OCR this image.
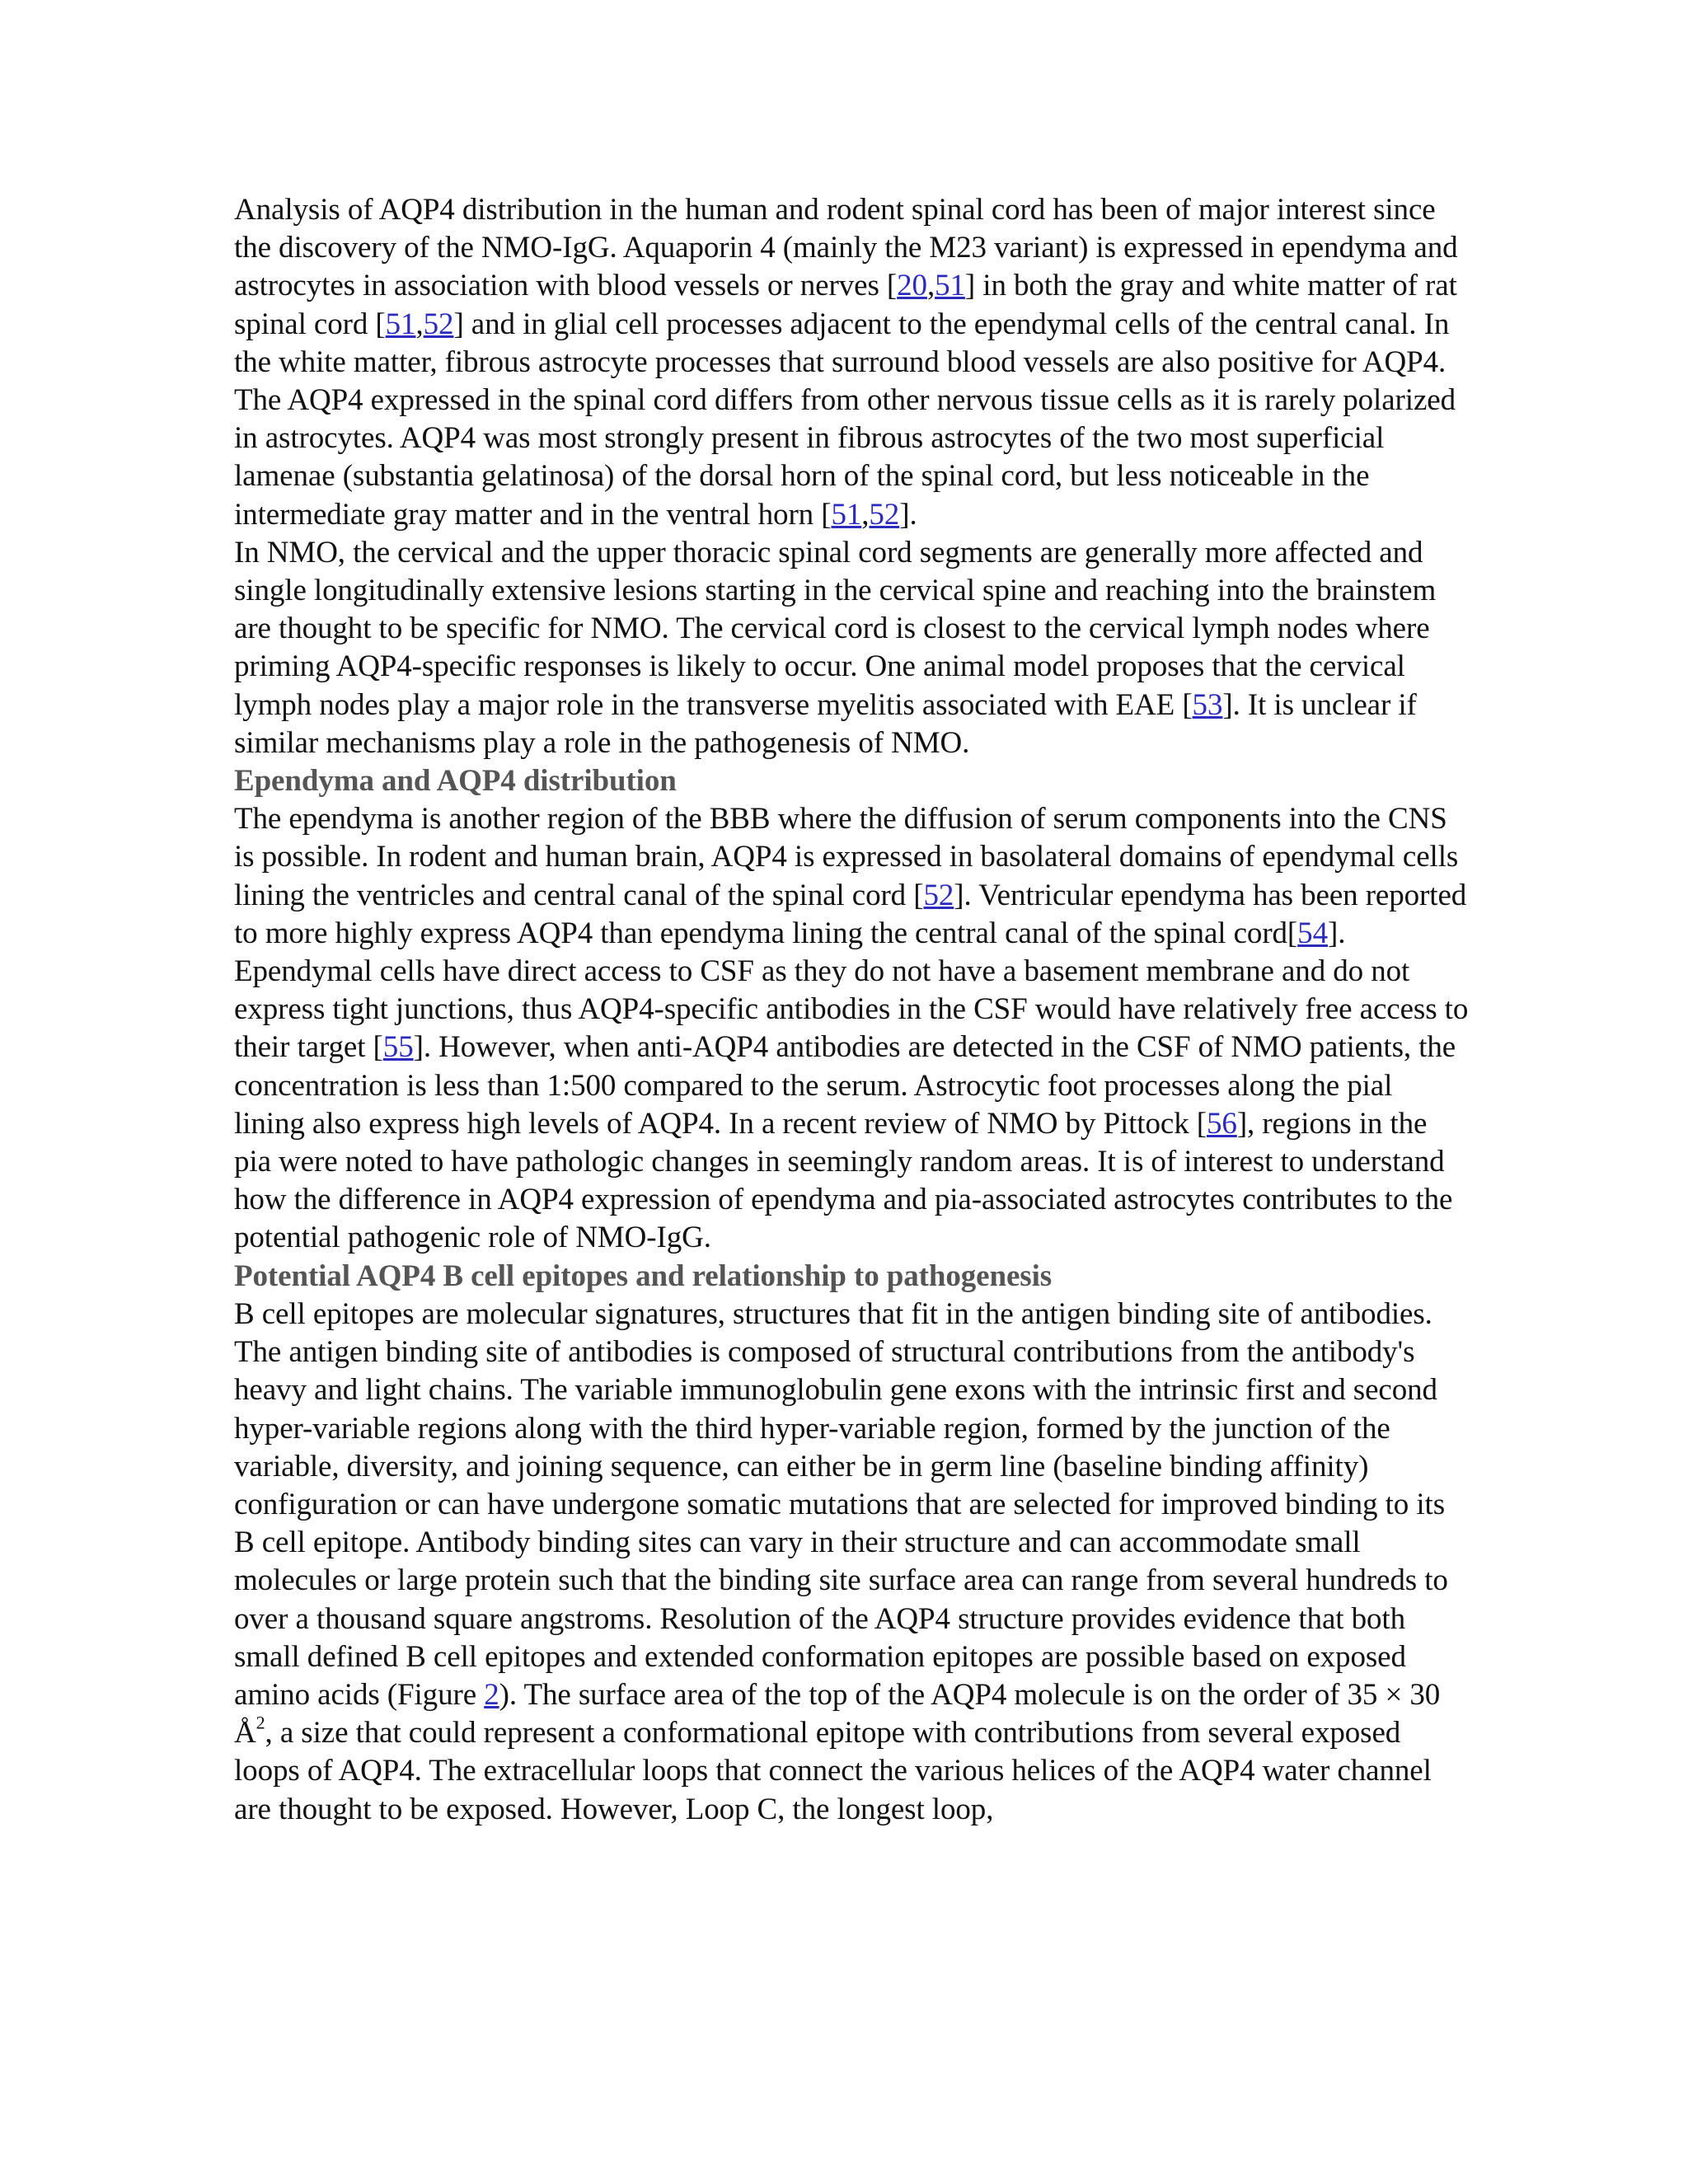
Analysis of AQP4 distribution in the human and rodent spinal cord has been of major interest since the discovery of the NMO-IgG. Aquaporin 4 (mainly the M23 variant) is expressed in ependyma and astrocytes in association with blood vessels or nerves [20,51] in both the gray and white matter of rat spinal cord [51,52] and in glial cell processes adjacent to the ependymal cells of the central canal. In the white matter, fibrous astrocyte processes that surround blood vessels are also positive for AQP4. The AQP4 expressed in the spinal cord differs from other nervous tissue cells as it is rarely polarized in astrocytes. AQP4 was most strongly present in fibrous astrocytes of the two most superficial lamenae (substantia gelatinosa) of the dorsal horn of the spinal cord, but less noticeable in the intermediate gray matter and in the ventral horn [51,52].
In NMO, the cervical and the upper thoracic spinal cord segments are generally more affected and single longitudinally extensive lesions starting in the cervical spine and reaching into the brainstem are thought to be specific for NMO. The cervical cord is closest to the cervical lymph nodes where priming AQP4-specific responses is likely to occur. One animal model proposes that the cervical lymph nodes play a major role in the transverse myelitis associated with EAE [53]. It is unclear if similar mechanisms play a role in the pathogenesis of NMO.
Ependyma and AQP4 distribution
The ependyma is another region of the BBB where the diffusion of serum components into the CNS is possible. In rodent and human brain, AQP4 is expressed in basolateral domains of ependymal cells lining the ventricles and central canal of the spinal cord [52]. Ventricular ependyma has been reported to more highly express AQP4 than ependyma lining the central canal of the spinal cord[54]. Ependymal cells have direct access to CSF as they do not have a basement membrane and do not express tight junctions, thus AQP4-specific antibodies in the CSF would have relatively free access to their target [55]. However, when anti-AQP4 antibodies are detected in the CSF of NMO patients, the concentration is less than 1:500 compared to the serum. Astrocytic foot processes along the pial lining also express high levels of AQP4. In a recent review of NMO by Pittock [56], regions in the pia were noted to have pathologic changes in seemingly random areas. It is of interest to understand how the difference in AQP4 expression of ependyma and pia-associated astrocytes contributes to the potential pathogenic role of NMO-IgG.
Potential AQP4 B cell epitopes and relationship to pathogenesis
B cell epitopes are molecular signatures, structures that fit in the antigen binding site of antibodies. The antigen binding site of antibodies is composed of structural contributions from the antibody's heavy and light chains. The variable immunoglobulin gene exons with the intrinsic first and second hyper-variable regions along with the third hyper-variable region, formed by the junction of the variable, diversity, and joining sequence, can either be in germ line (baseline binding affinity) configuration or can have undergone somatic mutations that are selected for improved binding to its B cell epitope. Antibody binding sites can vary in their structure and can accommodate small molecules or large protein such that the binding site surface area can range from several hundreds to over a thousand square angstroms. Resolution of the AQP4 structure provides evidence that both small defined B cell epitopes and extended conformation epitopes are possible based on exposed amino acids (Figure 2). The surface area of the top of the AQP4 molecule is on the order of 35 × 30 $Å^2$, a size that could represent a conformational epitope with contributions from several exposed loops of AQP4. The extracellular loops that connect the various helices of the AQP4 water channel are thought to be exposed. However, Loop C, the longest loop,
